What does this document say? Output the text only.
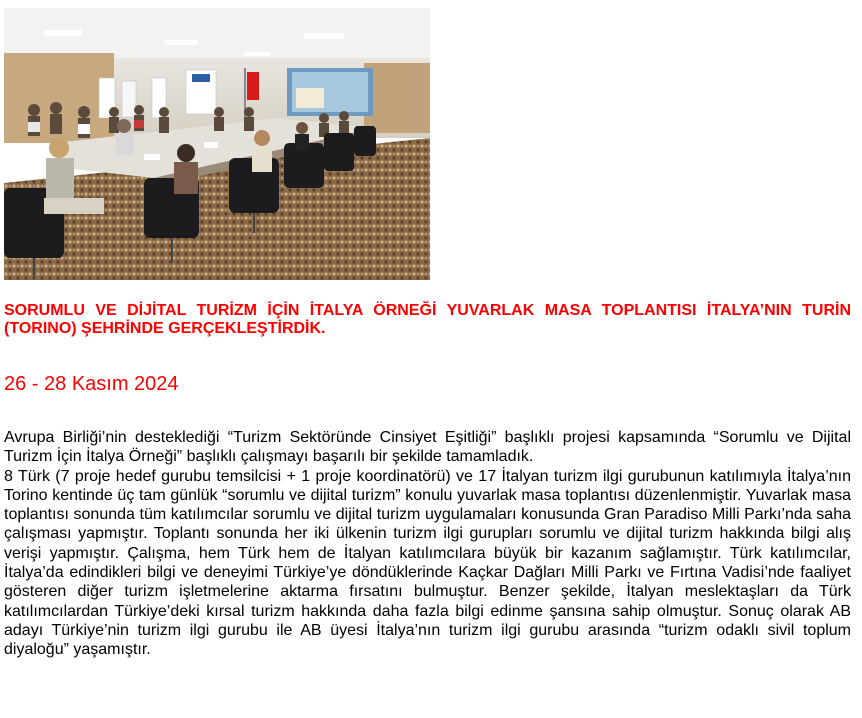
SORUMLU VE DİJİTAL TURİZM İÇİN İTALYA ÖRNEĞİ YUVARLAK MASA TOPLANTISI İTALYA’NIN TURİN (TORINO) ŞEHRİNDE GERÇEKLEŞTİRDİK.

26 - 28 Kasım 2024

Avrupa Birliği’nin desteklediği “Turizm Sektöründe Cinsiyet Eşitliği” başlıklı projesi kapsamında “Sorumlu ve Dijital Turizm İçin İtalya Örneği” başlıklı çalışmayı başarılı bir şekilde tamamladık.

8 Türk (7 proje hedef gurubu temsilcisi + 1 proje koordinatörü) ve 17 İtalyan turizm ilgi gurubunun katılımıyla İtalya’nın Torino kentinde üç tam günlük “sorumlu ve dijital turizm” konulu yuvarlak masa toplantısı düzenlenmiştir. Yuvarlak masa toplantısı sonunda tüm katılımcılar sorumlu ve dijital turizm uygulamaları konusunda Gran Paradiso Milli Parkı’nda saha çalışması yapmıştır. Toplantı sonunda her iki ülkenin turizm ilgi gurupları sorumlu ve dijital turizm hakkında bilgi alış verişi yapmıştır. Çalışma, hem Türk hem de İtalyan katılımcılara büyük bir kazanım sağlamıştır. Türk katılımcılar, İtalya’da edindikleri bilgi ve deneyimi Türkiye’ye döndüklerinde Kaçkar Dağları Milli Parkı ve Fırtına Vadisi’nde faaliyet gösteren diğer turizm işletmelerine aktarma fırsatını bulmuştur. Benzer şekilde, İtalyan meslektaşları da Türk katılımcılardan Türkiye’deki kırsal turizm hakkında daha fazla bilgi edinme şansına sahip olmuştur. Sonuç olarak AB adayı Türkiye’nin turizm ilgi gurubu ile AB üyesi İtalya’nın turizm ilgi gurubu arasında “turizm odaklı sivil toplum diyaloğu” yaşamıştır.
